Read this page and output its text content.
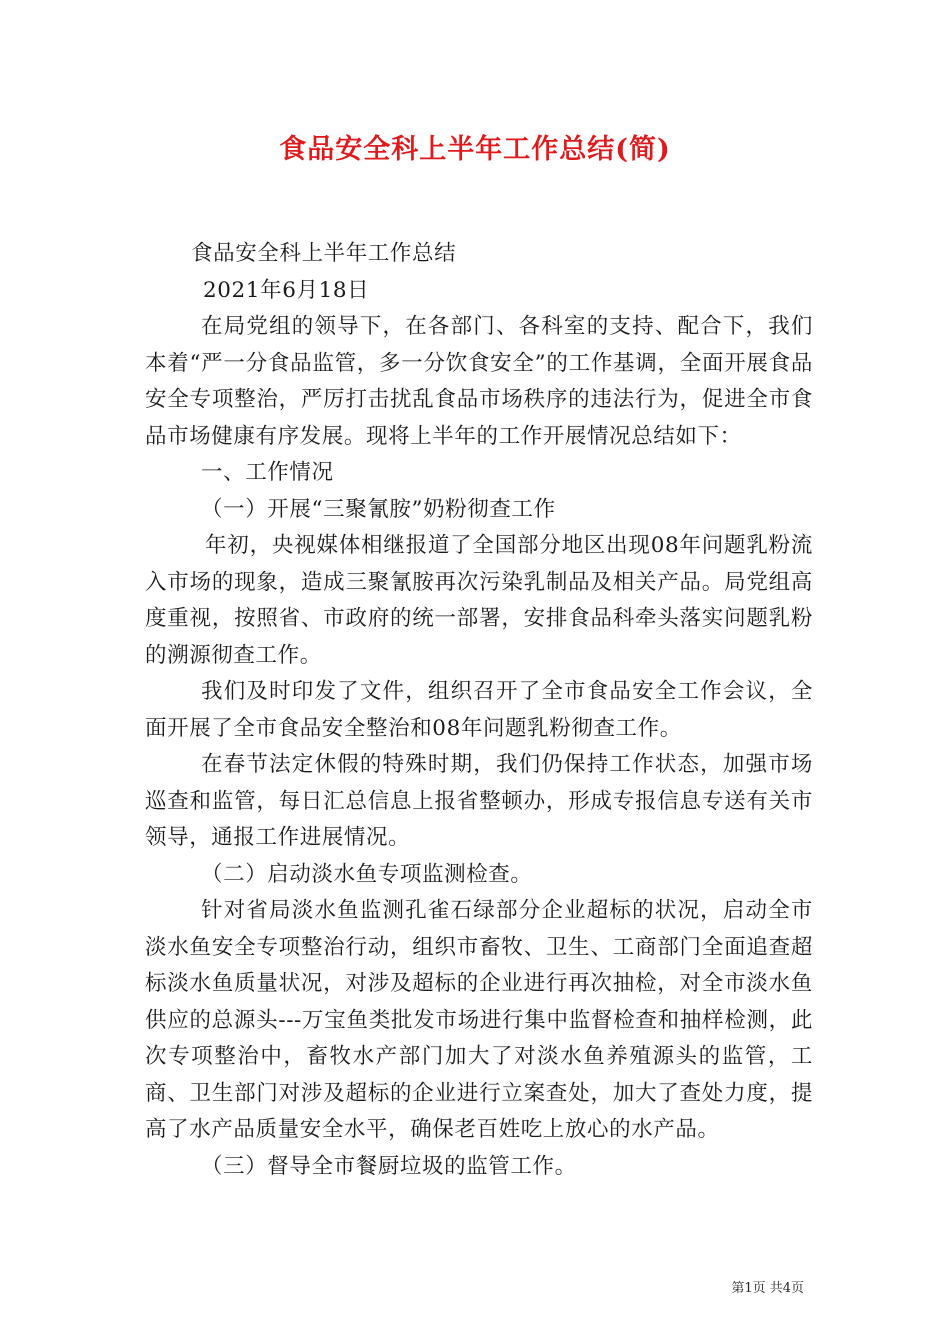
食品安全科上半年工作总结(简)

食品安全科上半年工作总结

2021年6月18日

在局党组的领导下，在各部门、各科室的支持、配合下，我们本着“严一分食品监管，多一分饮食安全”的工作基调，全面开展食品安全专项整治，严厉打击扰乱食品市场秩序的违法行为，促进全市食品市场健康有序发展。现将上半年的工作开展情况总结如下：

一、工作情况

（一）开展“三聚氰胺”奶粉彻查工作

年初，央视媒体相继报道了全国部分地区出现08年问题乳粉流入市场的现象，造成三聚氰胺再次污染乳制品及相关产品。局党组高度重视，按照省、市政府的统一部署，安排食品科牵头落实问题乳粉的溯源彻查工作。

我们及时印发了文件，组织召开了全市食品安全工作会议，全面开展了全市食品安全整治和08年问题乳粉彻查工作。

在春节法定休假的特殊时期，我们仍保持工作状态，加强市场巡查和监管，每日汇总信息上报省整顿办，形成专报信息专送有关市领导，通报工作进展情况。

（二）启动淡水鱼专项监测检查。

针对省局淡水鱼监测孔雀石绿部分企业超标的状况，启动全市淡水鱼安全专项整治行动，组织市畜牧、卫生、工商部门全面追查超标淡水鱼质量状况，对涉及超标的企业进行再次抽检，对全市淡水鱼供应的总源头---万宝鱼类批发市场进行集中监督检查和抽样检测，此次专项整治中，畜牧水产部门加大了对淡水鱼养殖源头的监管，工商、卫生部门对涉及超标的企业进行立案查处，加大了查处力度，提高了水产品质量安全水平，确保老百姓吃上放心的水产品。

（三）督导全市餐厨垃圾的监管工作。

第1页 共4页
